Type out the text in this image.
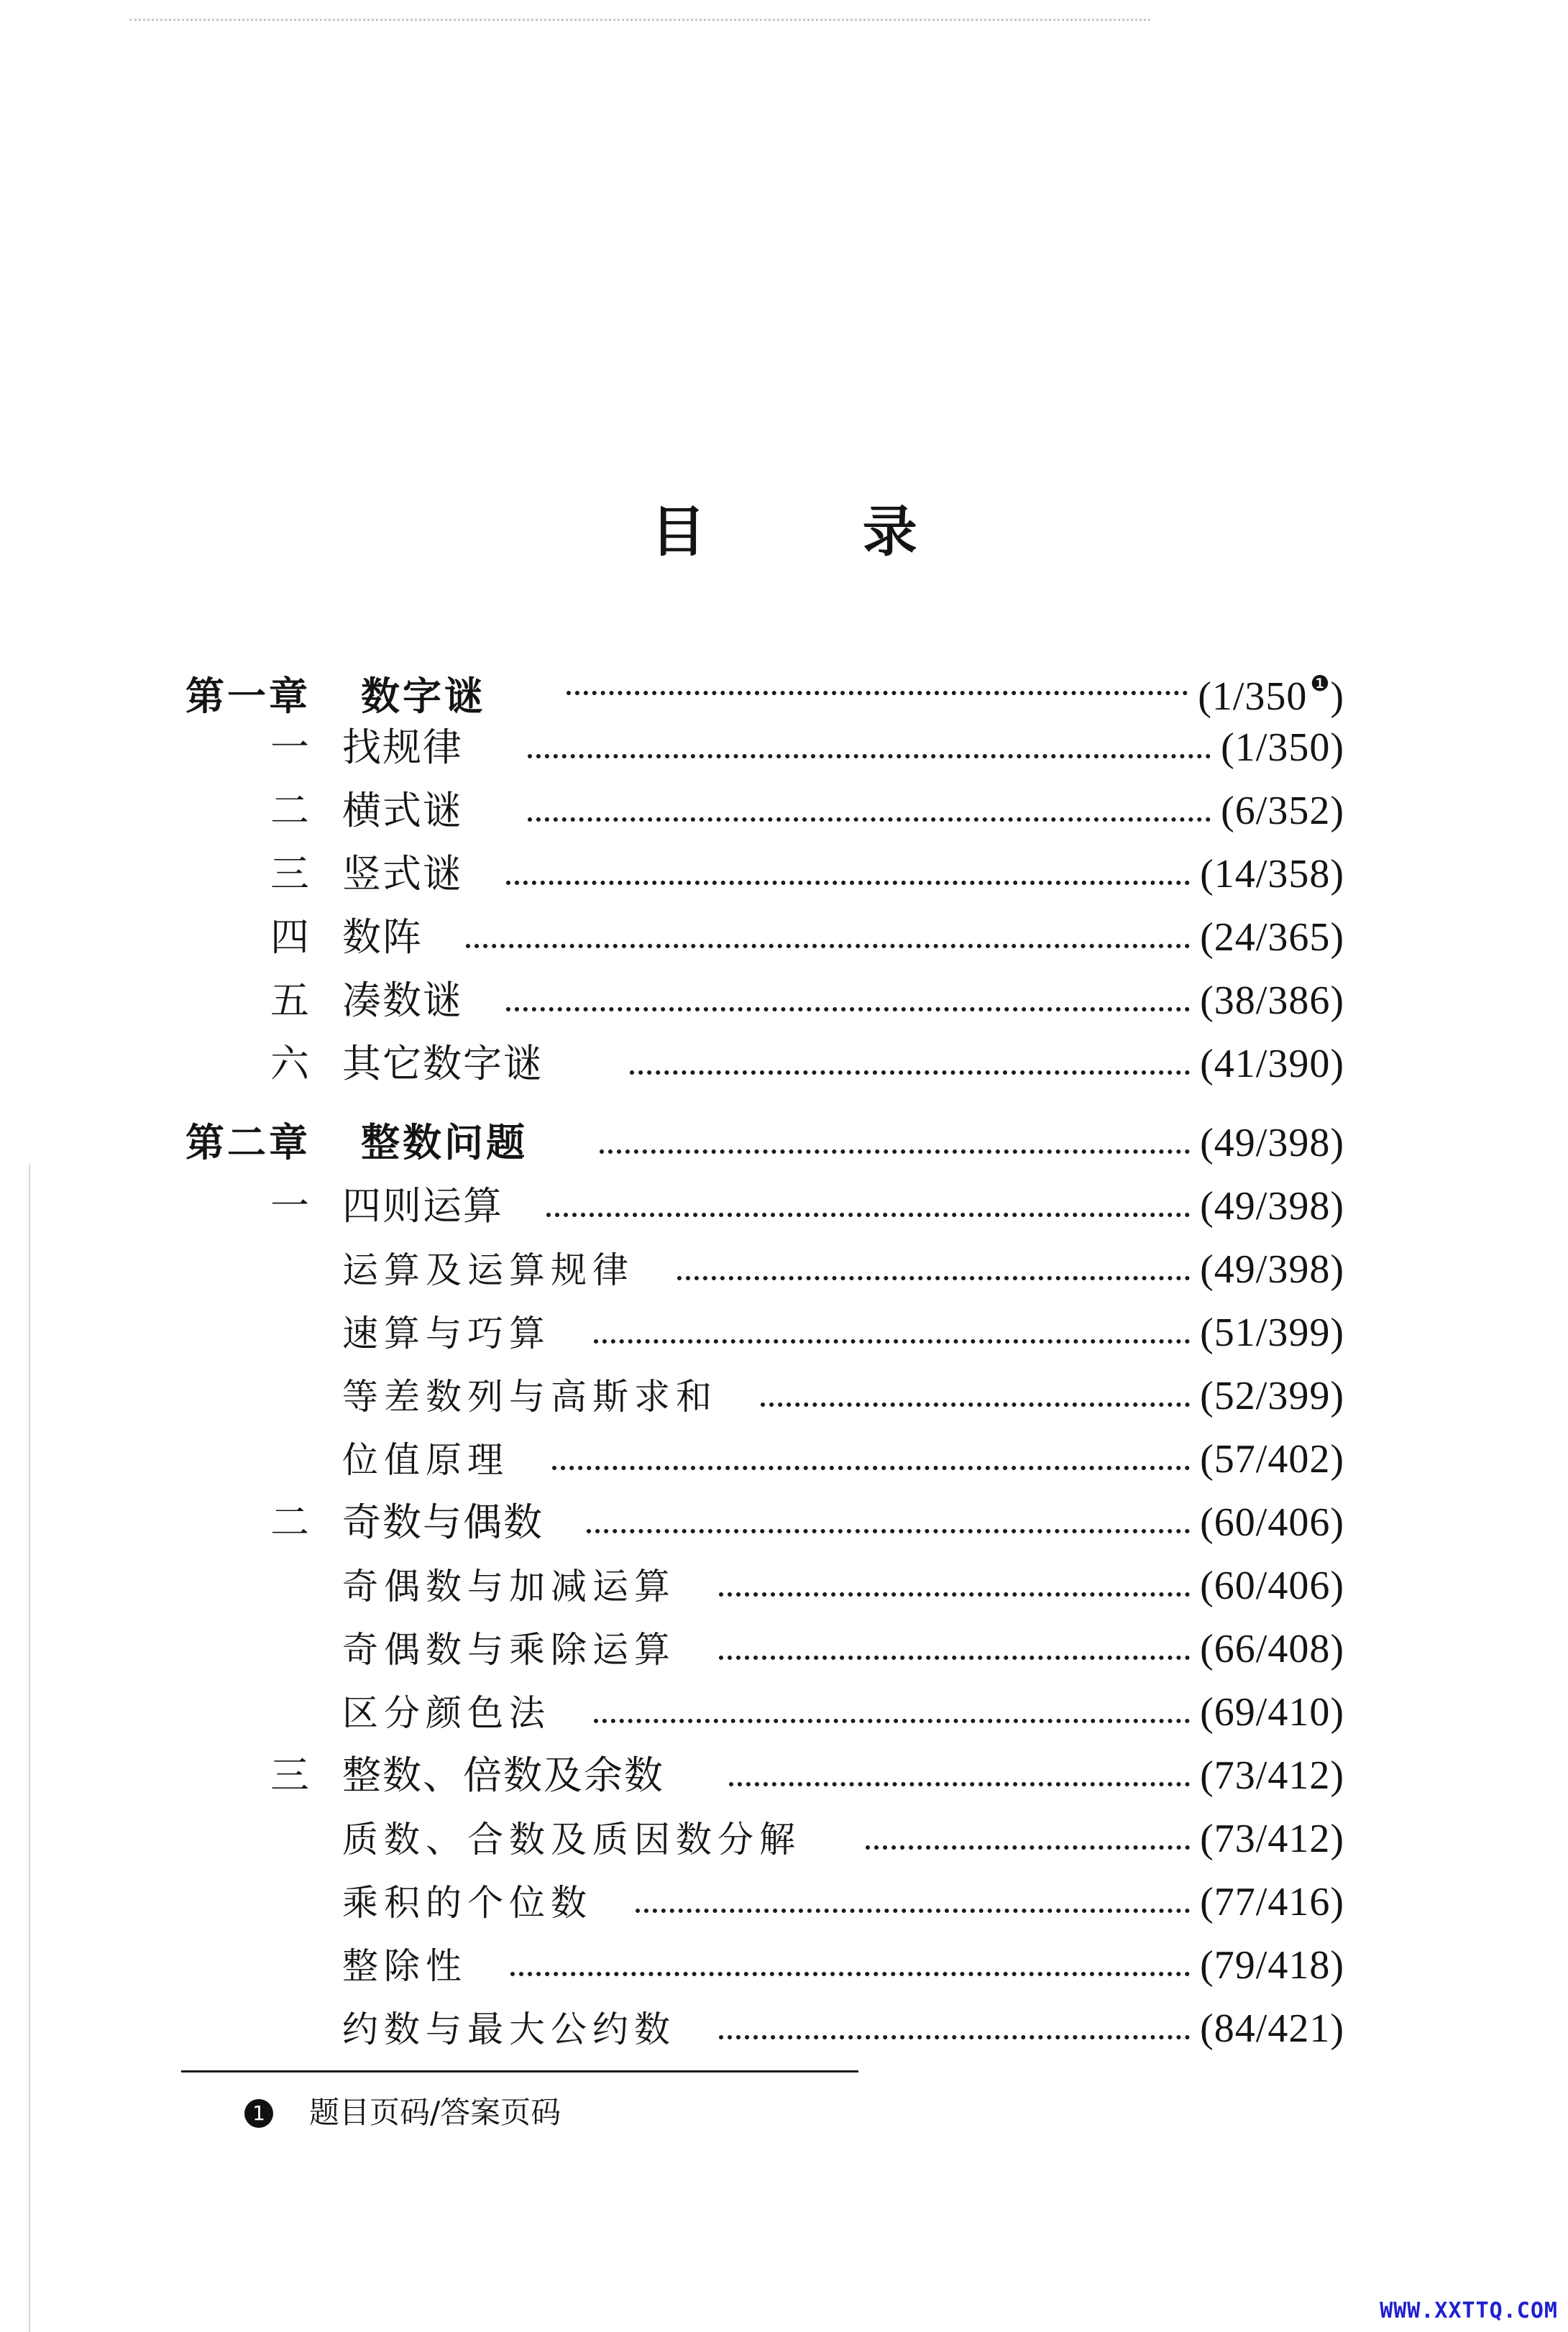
目 录
第一章 数字谜	(1/350 $^❶$)
一 找规律	(1/350)
二 横式谜	(6/352)
三 竖式谜	(14/358)
四 数阵	(24/365)
五 凑数谜	(38/386)
六 其它数字谜	(41/390)
第二章 整数问题	(49/398)
一 四则运算	(49/398)
运算及运算规律	(49/398)
速算与巧算	(51/399)
等差数列与高斯求和	(52/399)
位值原理	(57/402)
二 奇数与偶数	(60/406)
奇偶数与加减运算	(60/406)
奇偶数与乘除运算	(66/408)
区分颜色法	(69/410)
三 整数、倍数及余数	(73/412)
质数、合数及质因数分解	(73/412)
乘积的个位数	(77/416)
整除性	(79/418)
约数与最大公约数	(84/421)
1 题目页码/答案页码
WWW.XXTTQ.COM
